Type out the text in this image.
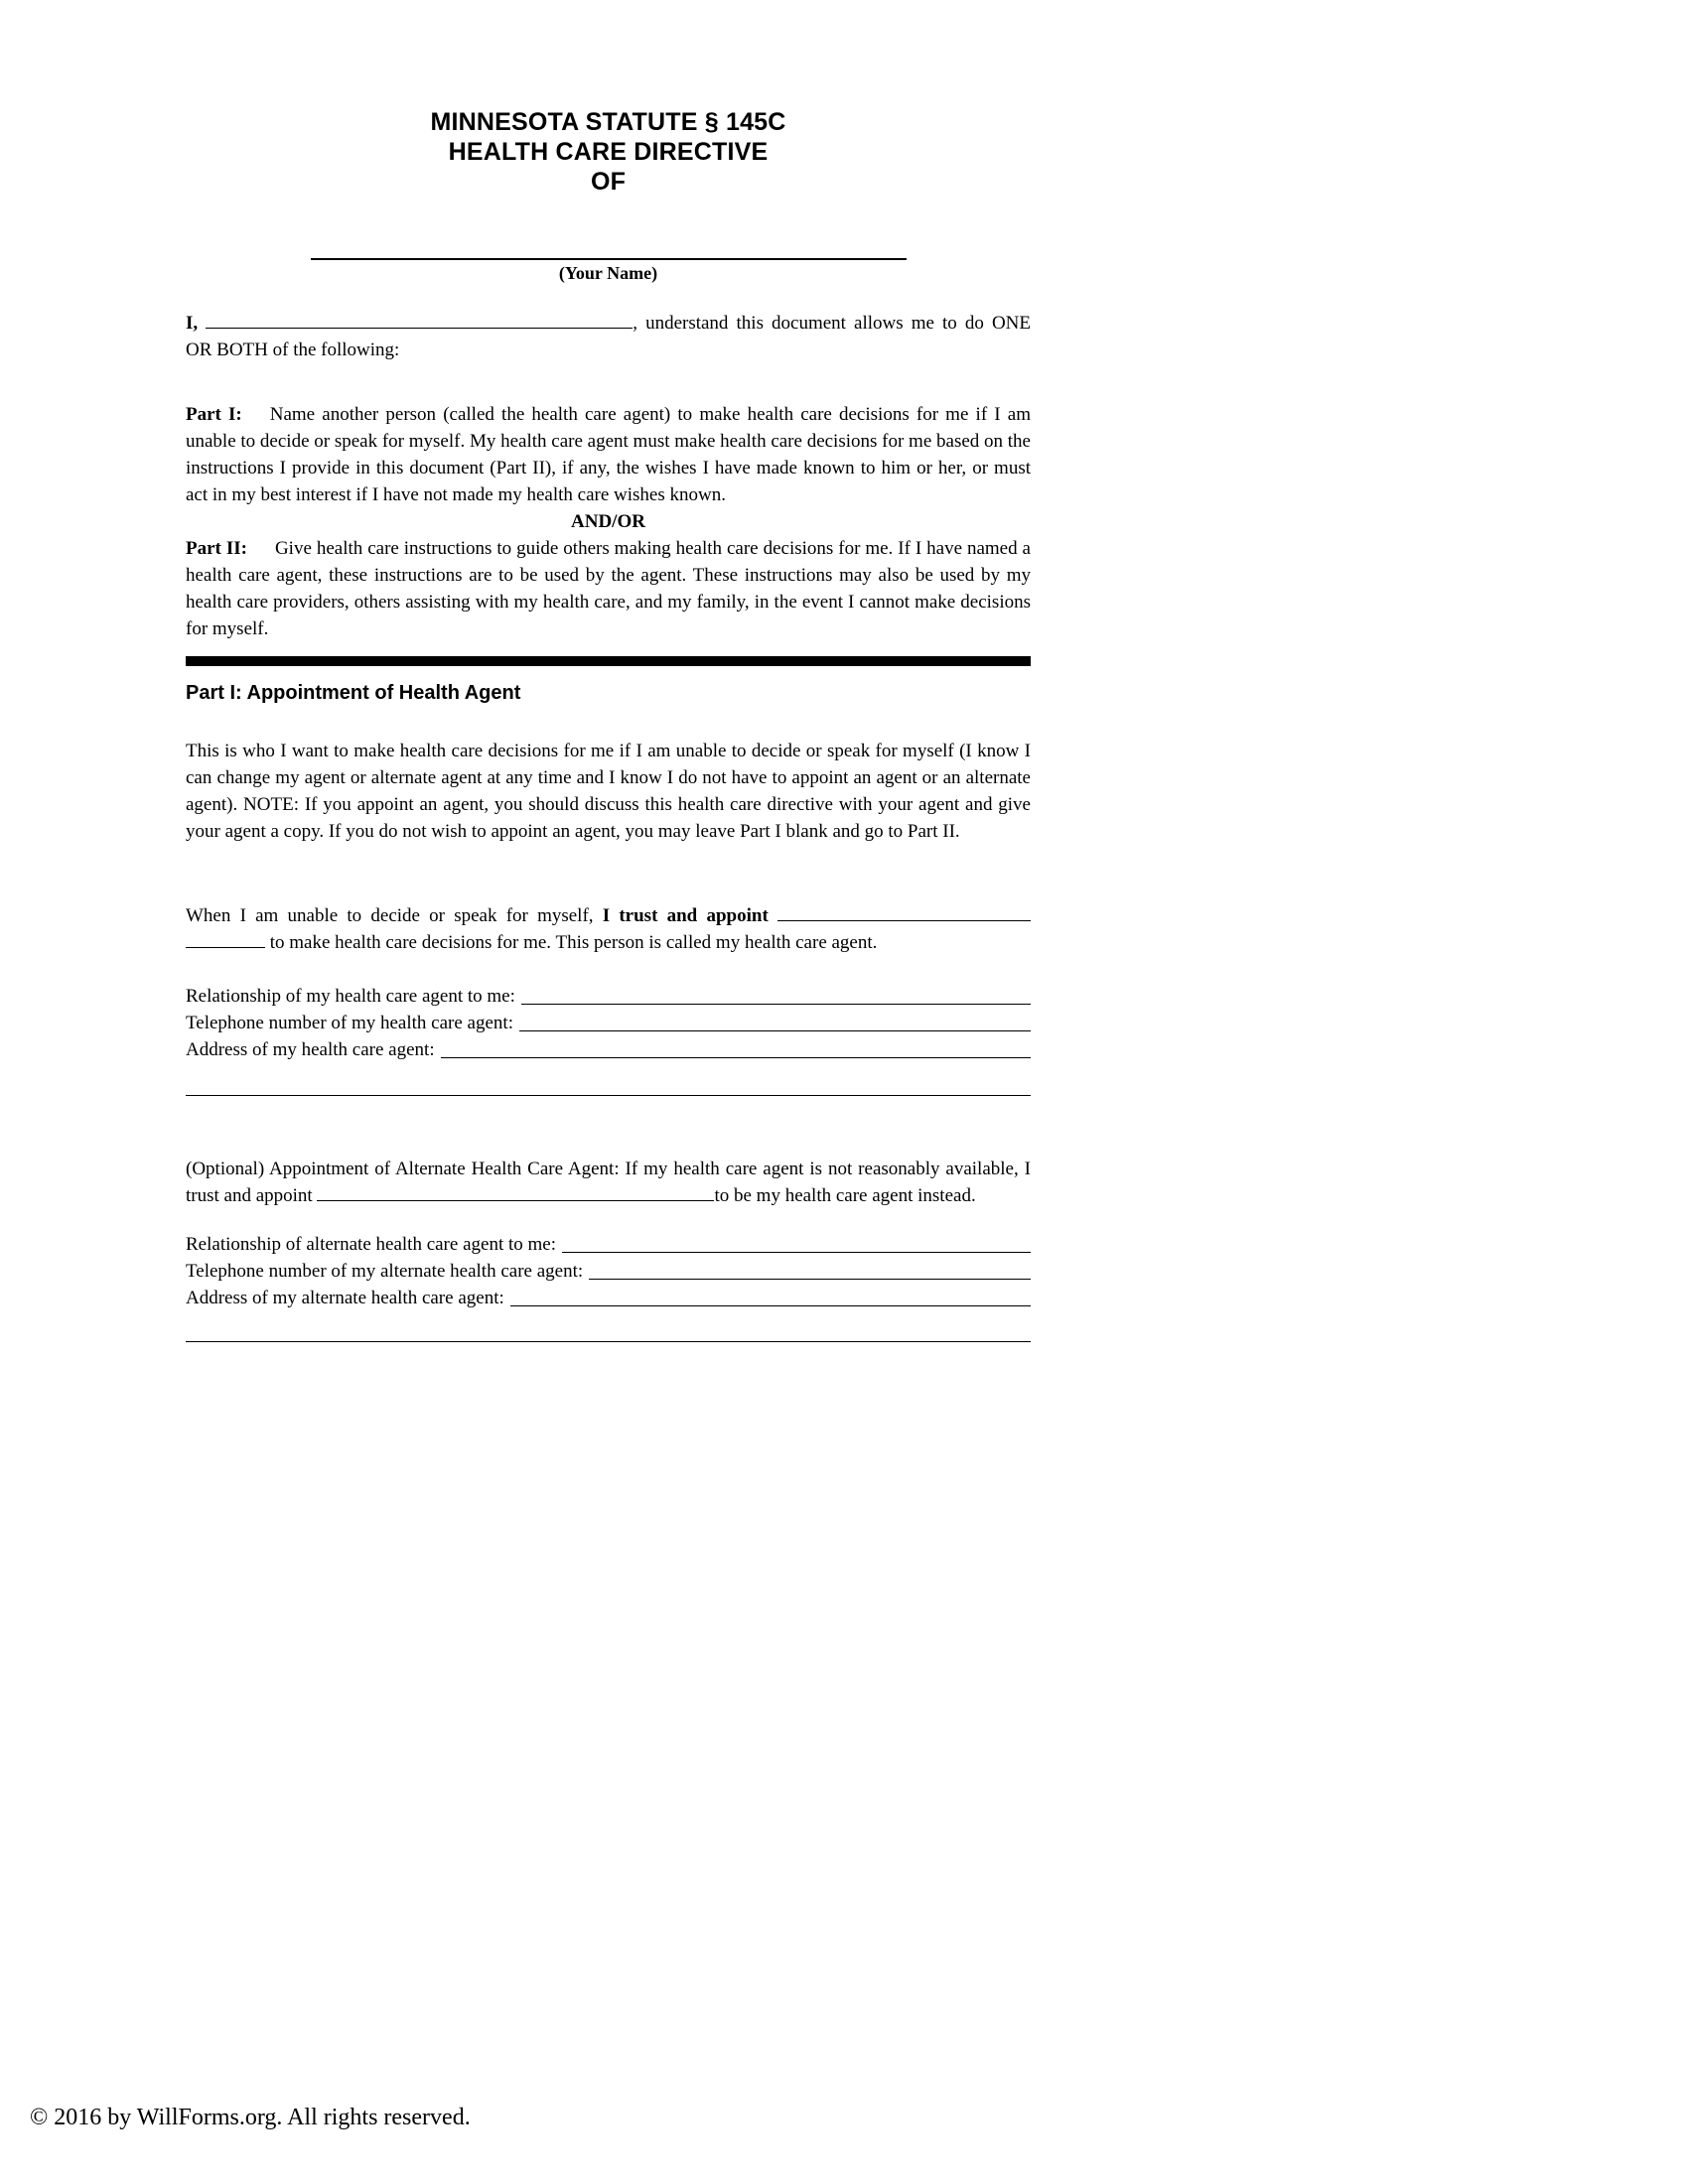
MINNESOTA STATUTE § 145C
HEALTH CARE DIRECTIVE
OF
(Your Name)

I,	, understand this document allows me to do ONE OR BOTH of the following:

Part I: Name another person (called the health care agent) to make health care decisions for me if I am unable to decide or speak for myself. My health care agent must make health care decisions for me based on the instructions I provide in this document (Part II), if any, the wishes I have made known to him or her, or must act in my best interest if I have not made my health care wishes known.

AND/OR

Part II: Give health care instructions to guide others making health care decisions for me. If I have named a health care agent, these instructions are to be used by the agent. These instructions may also be used by my health care providers, others assisting with my health care, and my family, in the event I cannot make decisions for myself.

Part I: Appointment of Health Agent

This is who I want to make health care decisions for me if I am unable to decide or speak for myself (I know I can change my agent or alternate agent at any time and I know I do not have to appoint an agent or an alternate agent). NOTE: If you appoint an agent, you should discuss this health care directive with your agent and give your agent a copy. If you do not wish to appoint an agent, you may leave Part I blank and go to Part II.

When I am unable to decide or speak for myself, I trust and appoint   to make health care decisions for me. This person is called my health care agent.

Relationship of my health care agent to me:
Telephone number of my health care agent:
Address of my health care agent:

(Optional) Appointment of Alternate Health Care Agent: If my health care agent is not reasonably available, I trust and appoint	to be my health care agent instead.

Relationship of alternate health care agent to me:
Telephone number of my alternate health care agent:
Address of my alternate health care agent:
© 2016 by WillForms.org. All rights reserved.
